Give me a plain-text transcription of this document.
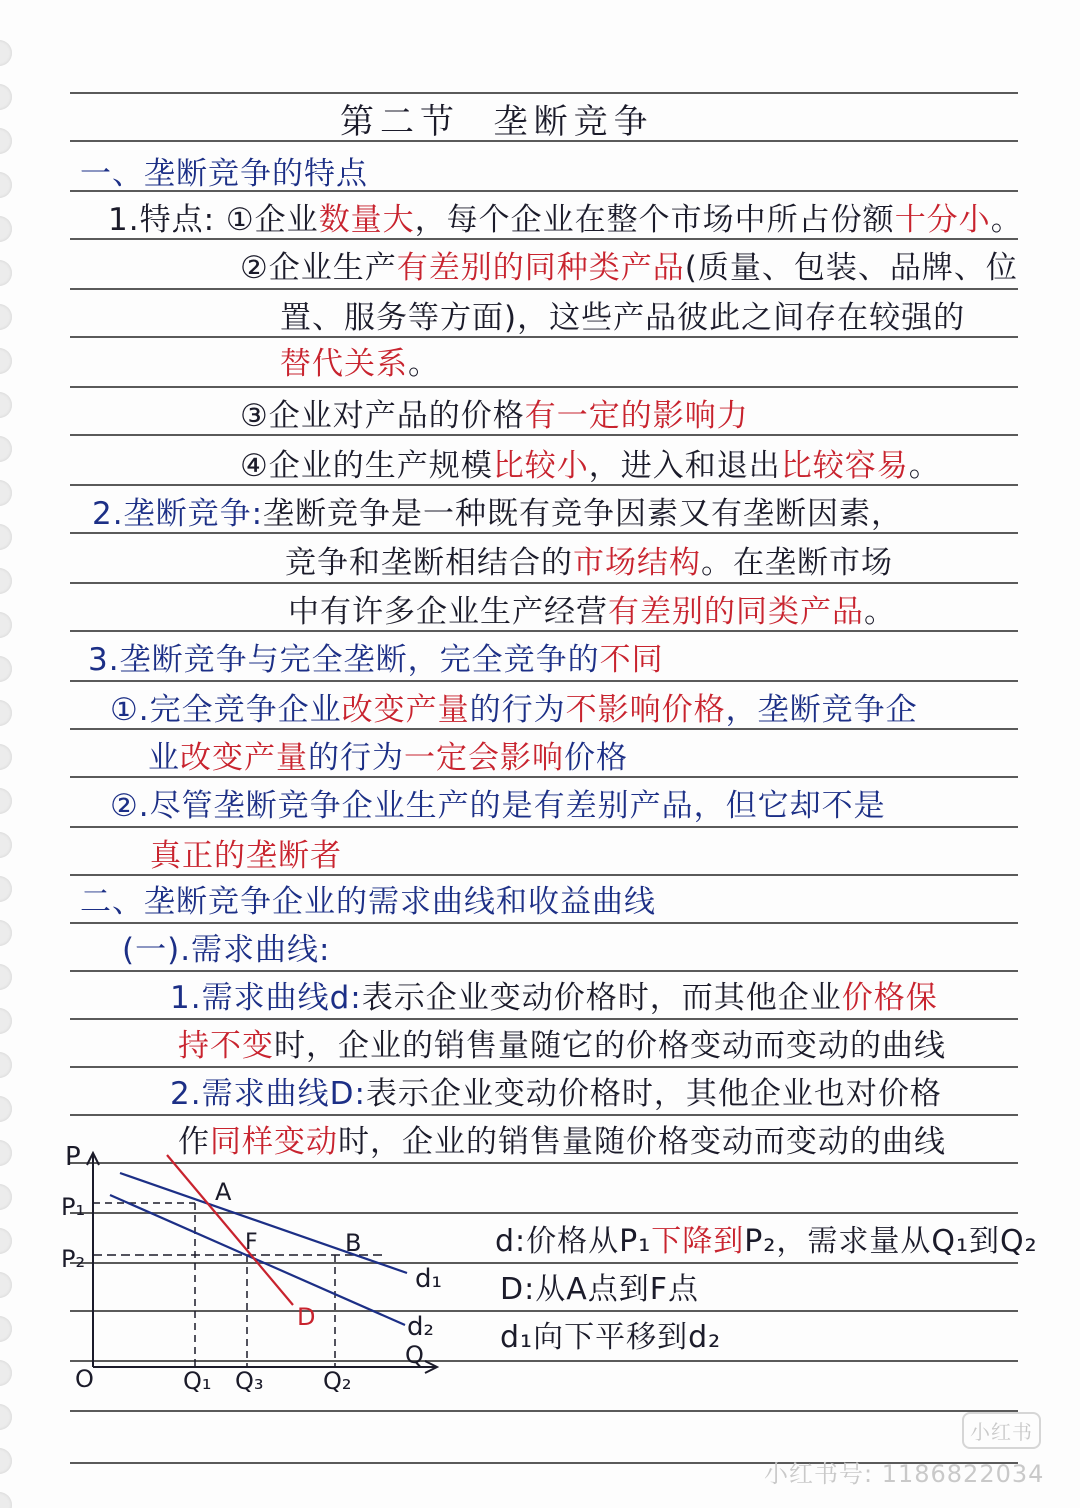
第二节 垄断竞争
一、垄断竞争的特点
1.特点: ①企业数量大，每个企业在整个市场中所占份额十分小。
②企业生产有差别的同种类产品(质量、包装、品牌、位
置、服务等方面)，这些产品彼此之间存在较强的
替代关系。
③企业对产品的价格有一定的影响力
④企业的生产规模比较小，进入和退出比较容易。
2.垄断竞争:垄断竞争是一种既有竞争因素又有垄断因素，
竞争和垄断相结合的市场结构。在垄断市场
中有许多企业生产经营有差别的同类产品。
3.垄断竞争与完全垄断，完全竞争的不同
①.完全竞争企业改变产量的行为不影响价格，垄断竞争企
业改变产量的行为一定会影响价格
②.尽管垄断竞争企业生产的是有差别产品，但它却不是
真正的垄断者
二、垄断竞争企业的需求曲线和收益曲线
(一).需求曲线:
1.需求曲线d:表示企业变动价格时，而其他企业价格保
持不变时，企业的销售量随它的价格变动而变动的曲线
2.需求曲线D:表示企业变动价格时，其他企业也对价格
作同样变动时，企业的销售量随价格变动而变动的曲线
P
P₁
P₂
O
Q
Q₁ Q₃ Q₂
A
F	B
D
d₁
d₂
d:价格从P₁下降到P₂，需求量从Q₁到Q₂
D:从A点到F点
d₁向下平移到d₂
小红书
小红书号: 1186822034
